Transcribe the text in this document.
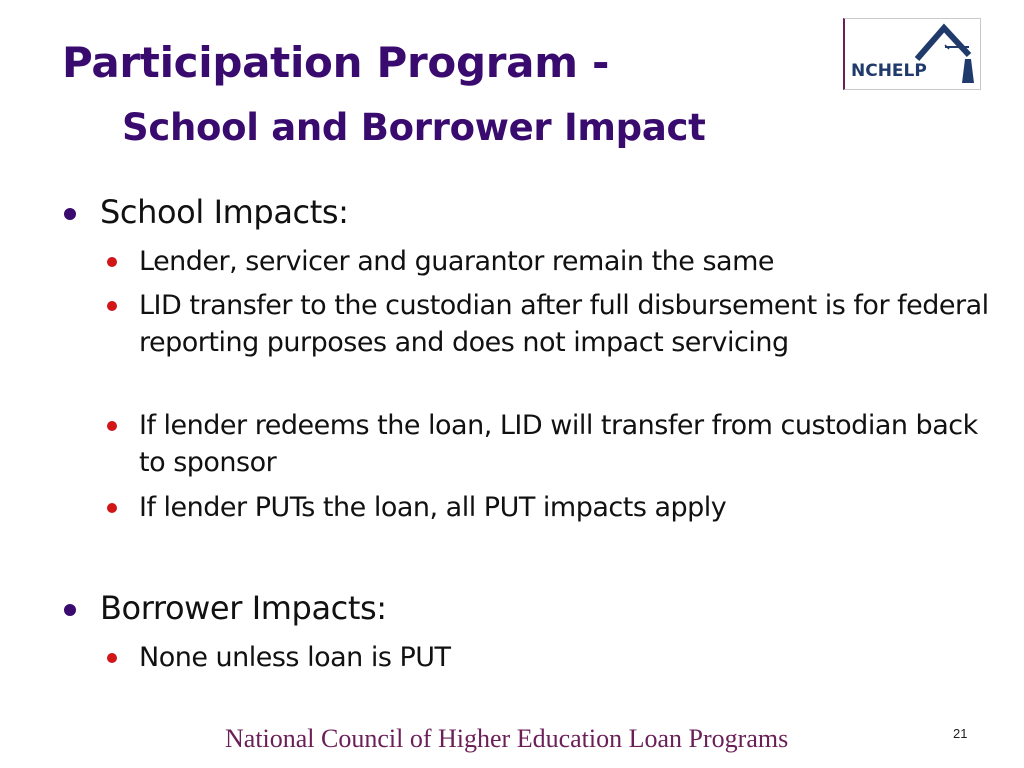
Participation Program -
School and Borrower Impact
NCHELP
School Impacts:
Lender, servicer and guarantor remain the same
LID transfer to the custodian after full disbursement is for federal reporting purposes and does not impact servicing
If lender redeems the loan, LID will transfer from custodian back to sponsor
If lender PUTs the loan, all PUT impacts apply
Borrower Impacts:
None unless loan is PUT
National Council of Higher Education Loan Programs	21
